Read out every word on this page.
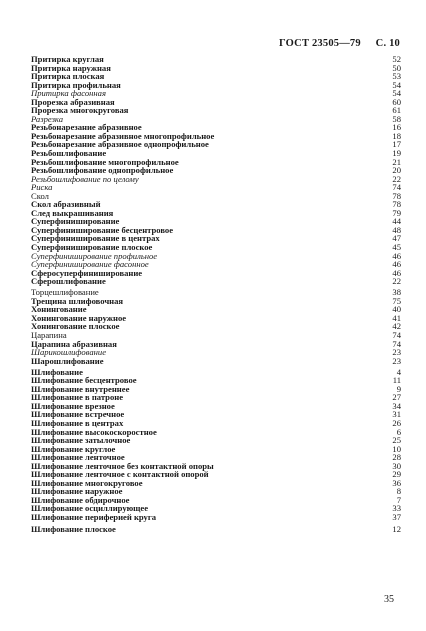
ГОСТ 23505—79 С. 10
Притирка круглая	52
Притирка наружная	50
Притирка плоская	53
Притирка профильная	54
Притирка фасонная	54
Прорезка абразивная	60
Прорезка многокруговая	61
Разрезка	58
Резьбонарезание абразивное	16
Резьбонарезание абразивное многопрофильное	18
Резьбонарезание абразивное однопрофильное	17
Резьбошлифование	19
Резьбошлифование многопрофильное	21
Резьбошлифование однопрофильное	20
Резьбошлифование по целому	22
Риска	74
Скол	78
Скол абразивный	78
След выкрашивания	79
Суперфиниширование	44
Суперфиниширование бесцентровое	48
Суперфиниширование в центрах	47
Суперфиниширование плоское	45
Суперфиниширование профильное	46
Суперфиниширование фасонное	46
Сферосуперфиниширование	46
Сферошлифование	22
Торцешлифование	38
Трещина шлифовочная	75
Хонингование	40
Хонингование наружное	41
Хонингование плоское	42
Царапина	74
Царапина абразивная	74
Шарикошлифование	23
Шарошлифование	23
Шлифование	4
Шлифование бесцентровое	11
Шлифование внутреннее	9
Шлифование в патроне	27
Шлифование врезное	34
Шлифование встречное	31
Шлифование в центрах	26
Шлифование высокоскоростное	6
Шлифование затылочное	25
Шлифование круглое	10
Шлифование ленточное	28
Шлифование ленточное без контактной опоры	30
Шлифование ленточное с контактной опорой	29
Шлифование многокруговое	36
Шлифование наружное	8
Шлифование обдирочное	7
Шлифование осциллирующее	33
Шлифование периферией круга	37
Шлифование плоское	12
35
